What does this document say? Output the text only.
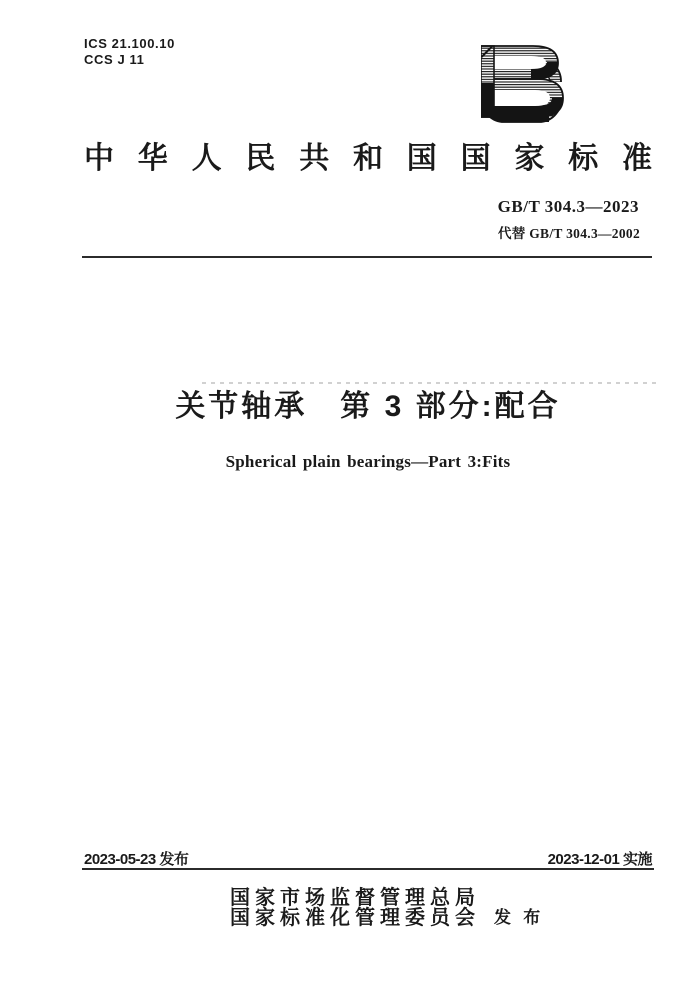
ICS 21.100.10
CCS J 11
中华人民共和国国家标准
GB/T 304.3—2023
代替 GB/T 304.3—2002
关节轴承　第 3 部分:配合
Spherical plain bearings—Part 3:Fits
2023-05-23 发布	2023-12-01 实施
国家市场监督管理总局
国家标准化管理委员会 发 布
